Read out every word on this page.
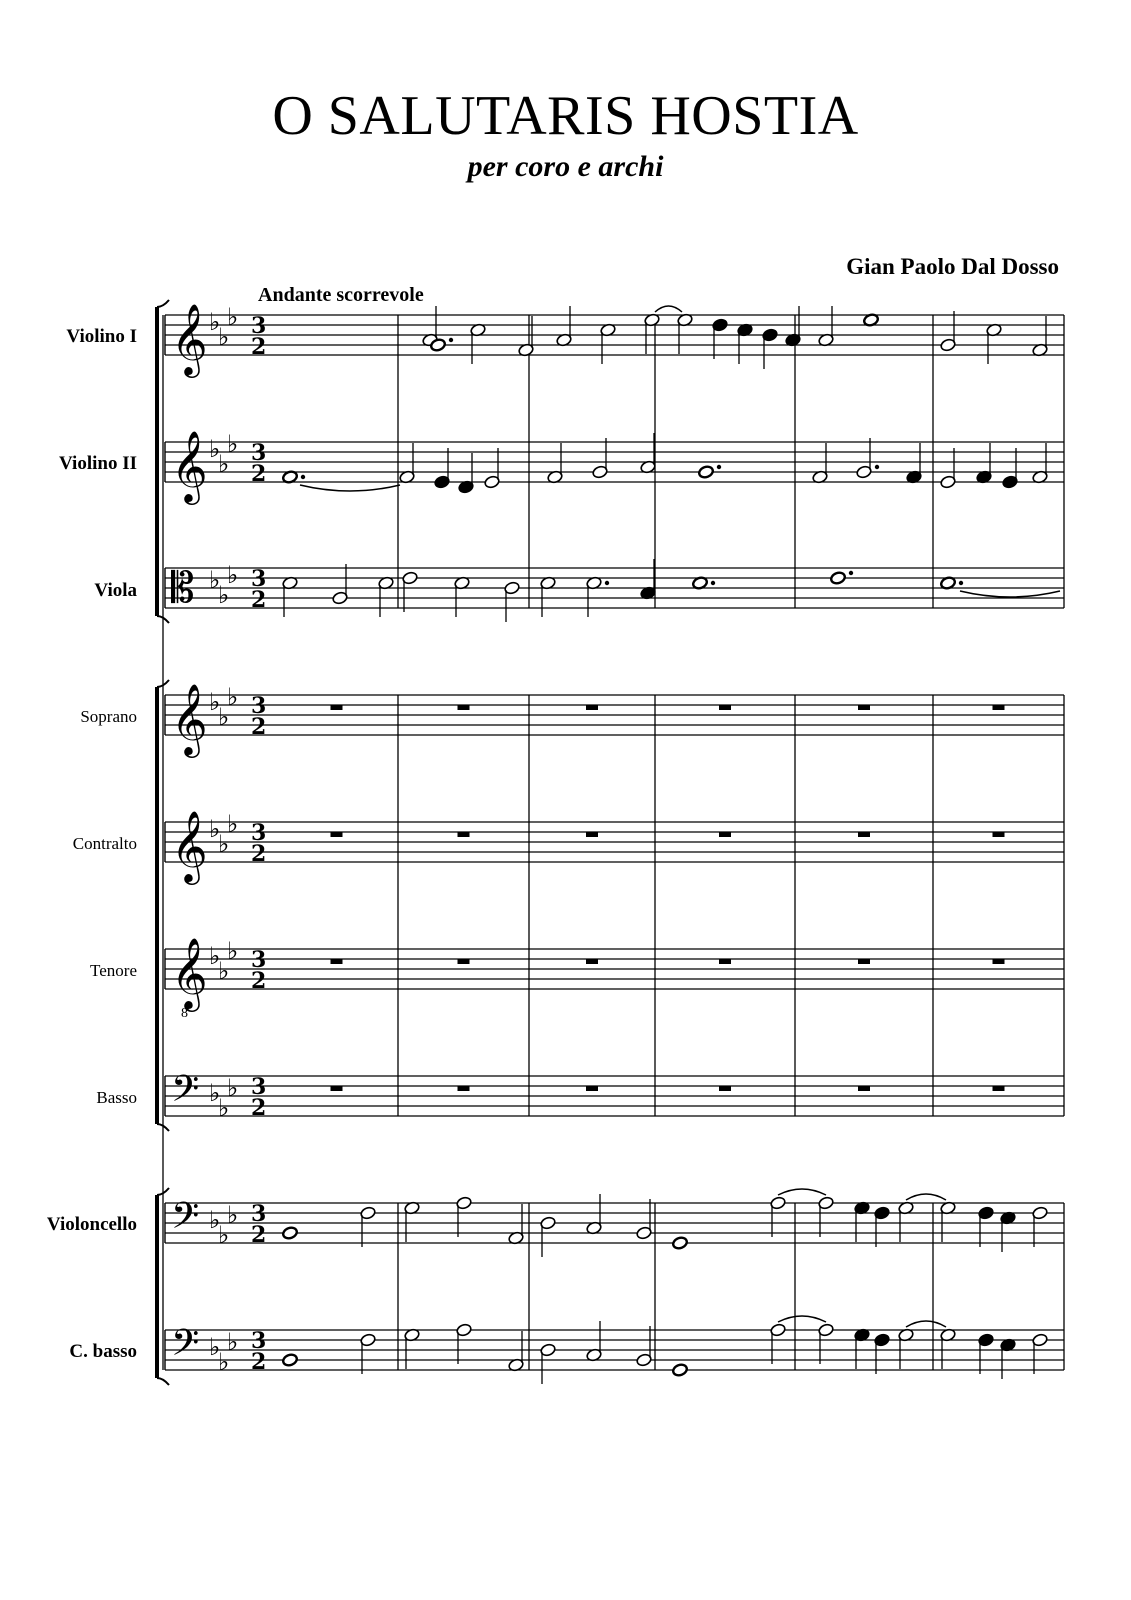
O SALUTARIS HOSTIA
per coro e archi
Gian Paolo Dal Dosso
Andante scorrevole
Violino I
Violino II
Viola
Soprano
Contralto
Tenore
Basso
Violoncello
C. basso
𝄞 ♭
♭
♭ 3
2
𝄞 ♭
♭
♭ 3
2
𝄡 ♭
♭
♭ 3
2
𝄞 ♭
♭
♭ 3
2
𝄞 ♭
♭
♭ 3
2
𝄞
8
♭
♭
♭ 3
2
𝄢 ♭
♭
♭ 3
2
𝄢 ♭
♭
♭ 3
2
𝄢 ♭
♭
♭ 3
2
